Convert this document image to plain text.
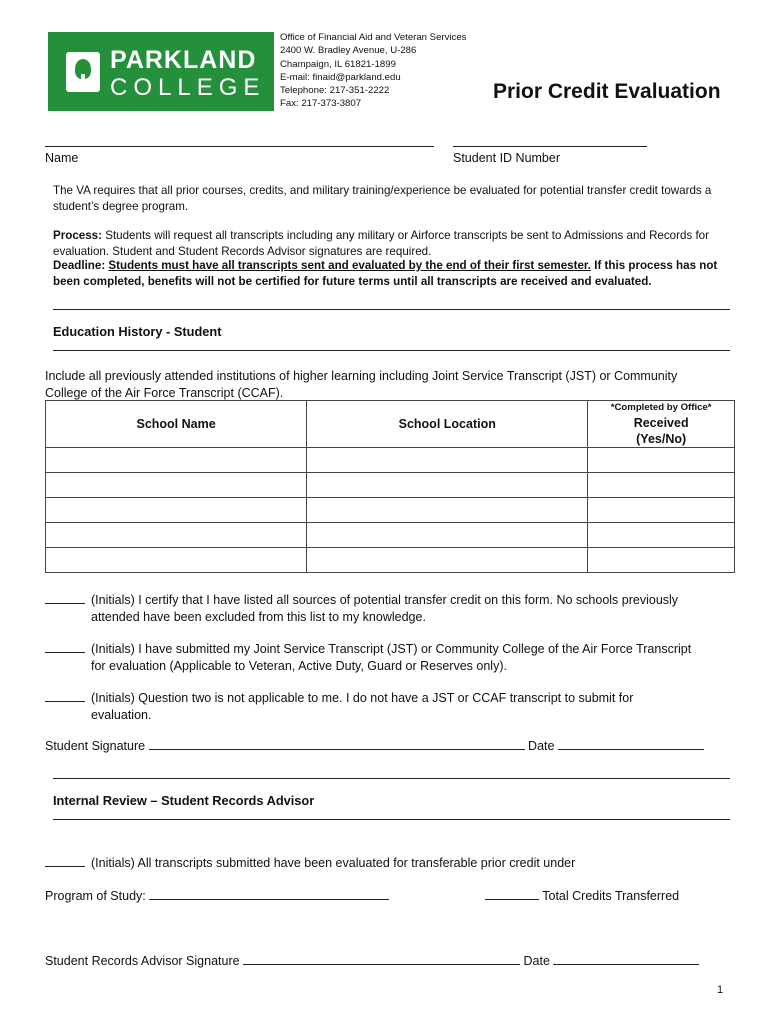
PARKLAND
COLLEGE
Office of Financial Aid and Veteran Services
2400 W. Bradley Avenue, U-286
Champaign, IL 61821-1899
E-mail: finaid@parkland.edu
Telephone: 217-351-2222
Fax: 217-373-3807
Prior Credit Evaluation
Name	Student ID Number
The VA requires that all prior courses, credits, and military training/experience be evaluated for potential transfer credit towards a student’s degree program.
Process: Students will request all transcripts including any military or Airforce transcripts be sent to Admissions and Records for evaluation. Student and Student Records Advisor signatures are required.
Deadline: Students must have all transcripts sent and evaluated by the end of their first semester. If this process has not been completed, benefits will not be certified for future terms until all transcripts are received and evaluated.
Education History - Student
Include all previously attended institutions of higher learning including Joint Service Transcript (JST) or Community College of the Air Force Transcript (CCAF).
School Name	School Location	*Completed by Office*
Received
(Yes/No)

(Initials) I certify that I have listed all sources of potential transfer credit on this form. No schools previously attended have been excluded from this list to my knowledge.
(Initials) I have submitted my Joint Service Transcript (JST) or Community College of the Air Force Transcript for evaluation (Applicable to Veteran, Active Duty, Guard or Reserves only).
(Initials) Question two is not applicable to me. I do not have a JST or CCAF transcript to submit for evaluation.
Student Signature	Date
Internal Review – Student Records Advisor
(Initials) All transcripts submitted have been evaluated for transferable prior credit under
Program of Study:	Total Credits Transferred
Student Records Advisor Signature	Date
1
